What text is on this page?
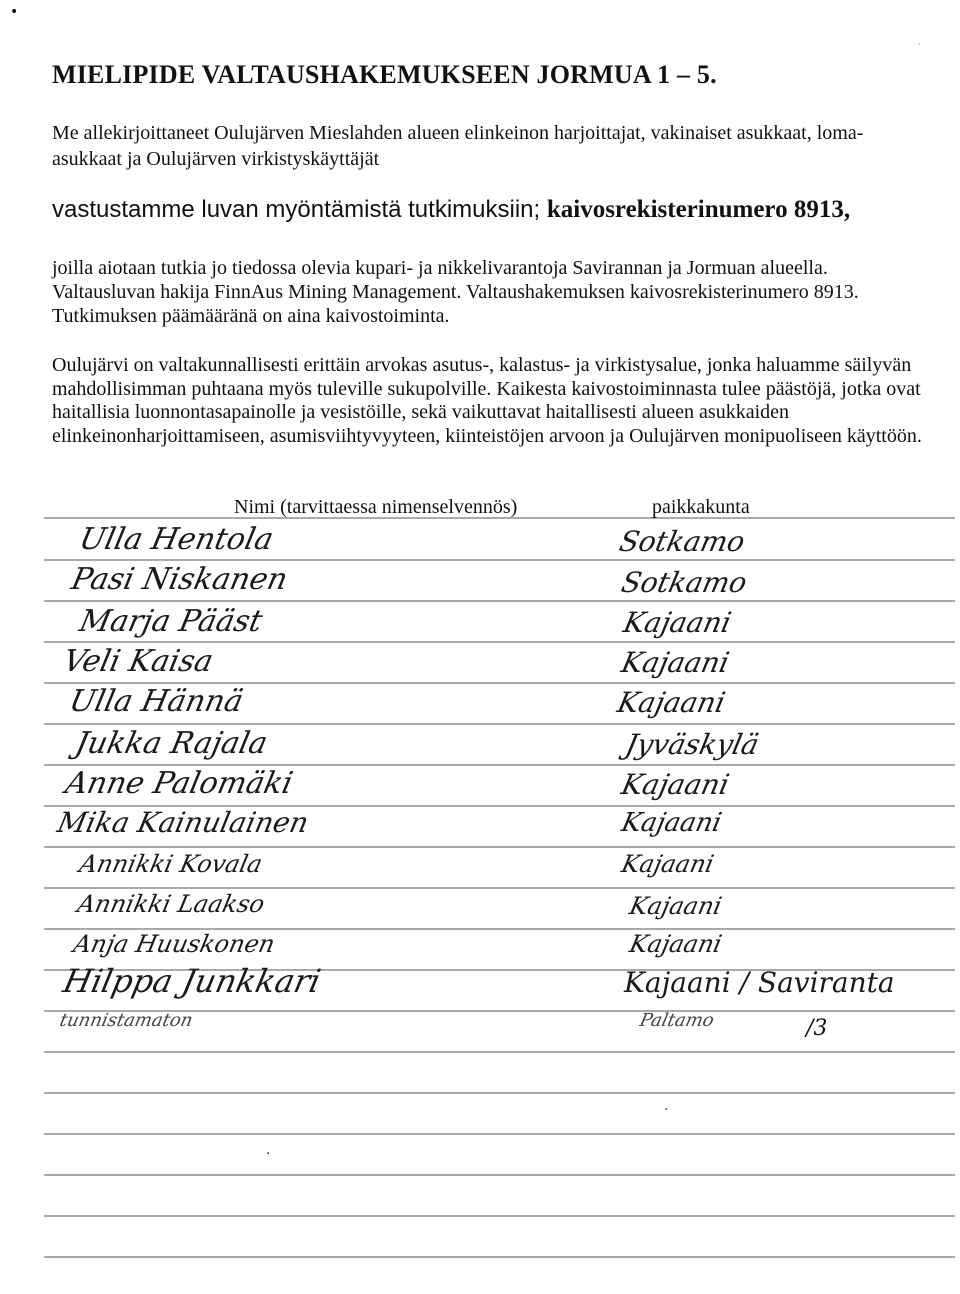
•
·
MIELIPIDE VALTAUSHAKEMUKSEEN JORMUA 1 – 5.

Me allekirjoittaneet Oulujärven Mieslahden alueen elinkeinon harjoittajat, vakinaiset asukkaat, loma-asukkaat ja Oulujärven virkistyskäyttäjät

vastustamme luvan myöntämistä tutkimuksiin; kaivosrekisterinumero 8913,

joilla aiotaan tutkia jo tiedossa olevia kupari- ja nikkelivarantoja Savirannan ja Jormuan alueella. Valtausluvan hakija FinnAus Mining Management. Valtaushakemuksen kaivosrekisterinumero 8913. Tutkimuksen päämääränä on aina kaivostoiminta.

Oulujärvi on valtakunnallisesti erittäin arvokas asutus-, kalastus- ja virkistysalue, jonka haluamme säilyvän mahdollisimman puhtaana myös tuleville sukupolville. Kaikesta kaivostoiminnasta tulee päästöjä, jotka ovat haitallisia luonnontasapainolle ja vesistöille, sekä vaikuttavat haitallisesti alueen asukkaiden elinkeinonharjoittamiseen, asumisviihtyvyyteen, kiinteistöjen arvoon ja Oulujärven monipuoliseen käyttöön.

Nimi (tarvittaessa nimenselvennös)	paikkakunta
Ulla Hentola	Sotkamo
Pasi Niskanen	Sotkamo
Marja Pääst	Kajaani
Veli Kaisa	Kajaani
Ulla Hännä	Kajaani
Jukka Rajala	Jyväskylä
Anne Palomäki	Kajaani
Mika Kainulainen	Kajaani
Annikki Kovala	Kajaani
Annikki Laakso	Kajaani
Anja Huuskonen	Kajaani
Hilppa Junkkari	Kajaani / Saviranta
tunnistamaton	Paltamo	/3
·
·
